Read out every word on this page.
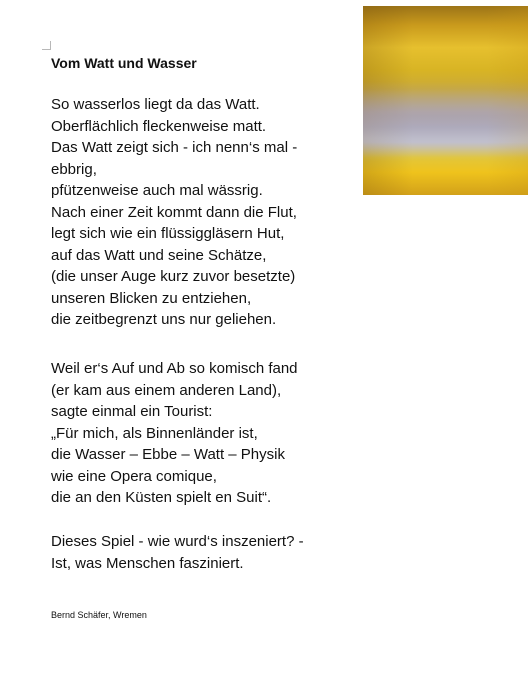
Vom Watt und Wasser
So wasserlos liegt da das Watt.
Oberflächlich fleckenweise matt.
Das Watt zeigt sich - ich nenn‘s mal -
ebbrig,
pfützenweise auch mal wässrig.
Nach einer Zeit kommt dann die Flut,
legt sich wie ein flüssiggläsern Hut,
auf das Watt und seine Schätze,
(die unser Auge kurz zuvor besetzte)
unseren Blicken zu entziehen,
die zeitbegrenzt uns nur geliehen.
Weil er‘s Auf und Ab so komisch fand
(er kam aus einem anderen Land),
sagte einmal ein Tourist:
„Für mich, als Binnenländer ist,
die Wasser – Ebbe – Watt – Physik
wie eine Opera comique,
die an den Küsten spielt en Suit“.
Dieses Spiel - wie wurd‘s inszeniert? -
Ist, was Menschen fasziniert.

Bernd Schäfer, Wremen
